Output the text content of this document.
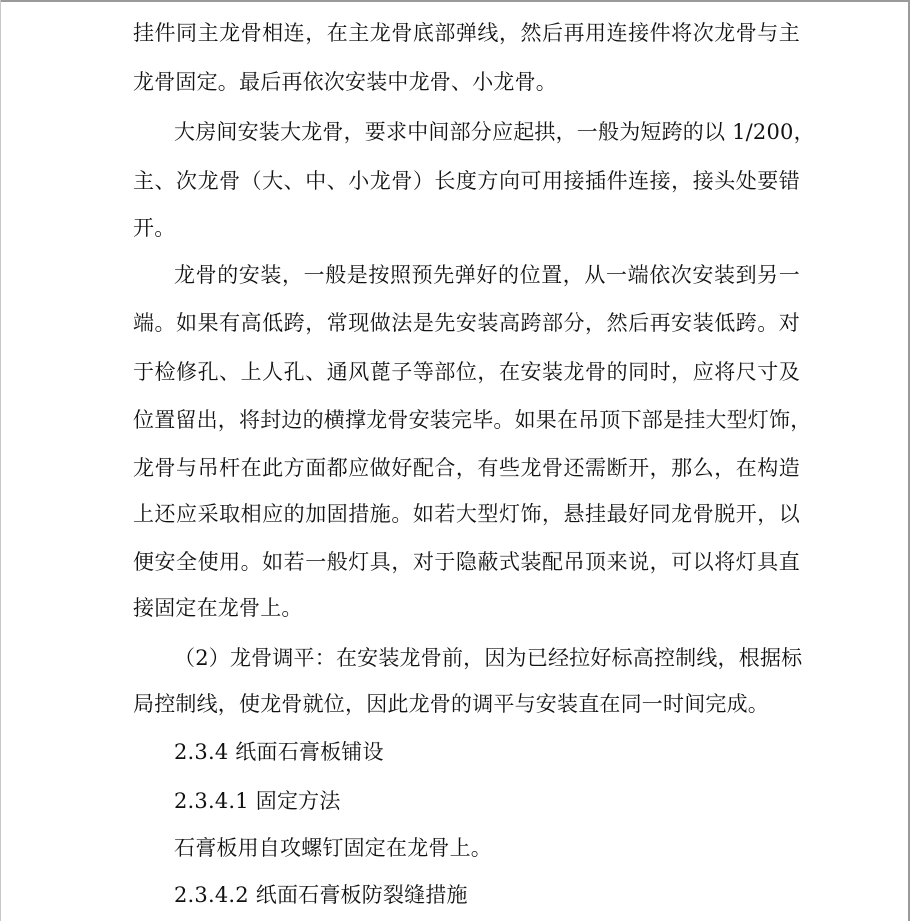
挂件同主龙骨相连，在主龙骨底部弹线，然后再用连接件将次龙骨与主
龙骨固定。最后再依次安装中龙骨、小龙骨。
大房间安装大龙骨，要求中间部分应起拱，一般为短跨的以 1/200，
主、次龙骨（大、中、小龙骨）长度方向可用接插件连接，接头处要错
开。
龙骨的安装，一般是按照预先弹好的位置，从一端依次安装到另一
端。如果有高低跨，常现做法是先安装高跨部分，然后再安装低跨。对
于检修孔、上人孔、通风蓖子等部位，在安装龙骨的同时，应将尺寸及
位置留出，将封边的横撑龙骨安装完毕。如果在吊顶下部是挂大型灯饰，
龙骨与吊杆在此方面都应做好配合，有些龙骨还需断开，那么，在构造
上还应采取相应的加固措施。如若大型灯饰，悬挂最好同龙骨脱开，以
便安全使用。如若一般灯具，对于隐蔽式装配吊顶来说，可以将灯具直
接固定在龙骨上。
（2）龙骨调平：在安装龙骨前，因为已经拉好标高控制线，根据标
局控制线，使龙骨就位，因此龙骨的调平与安装直在同一时间完成。
2.3.4 纸面石膏板铺设
2.3.4.1 固定方法
石膏板用自攻螺钉固定在龙骨上。
2.3.4.2 纸面石膏板防裂缝措施
